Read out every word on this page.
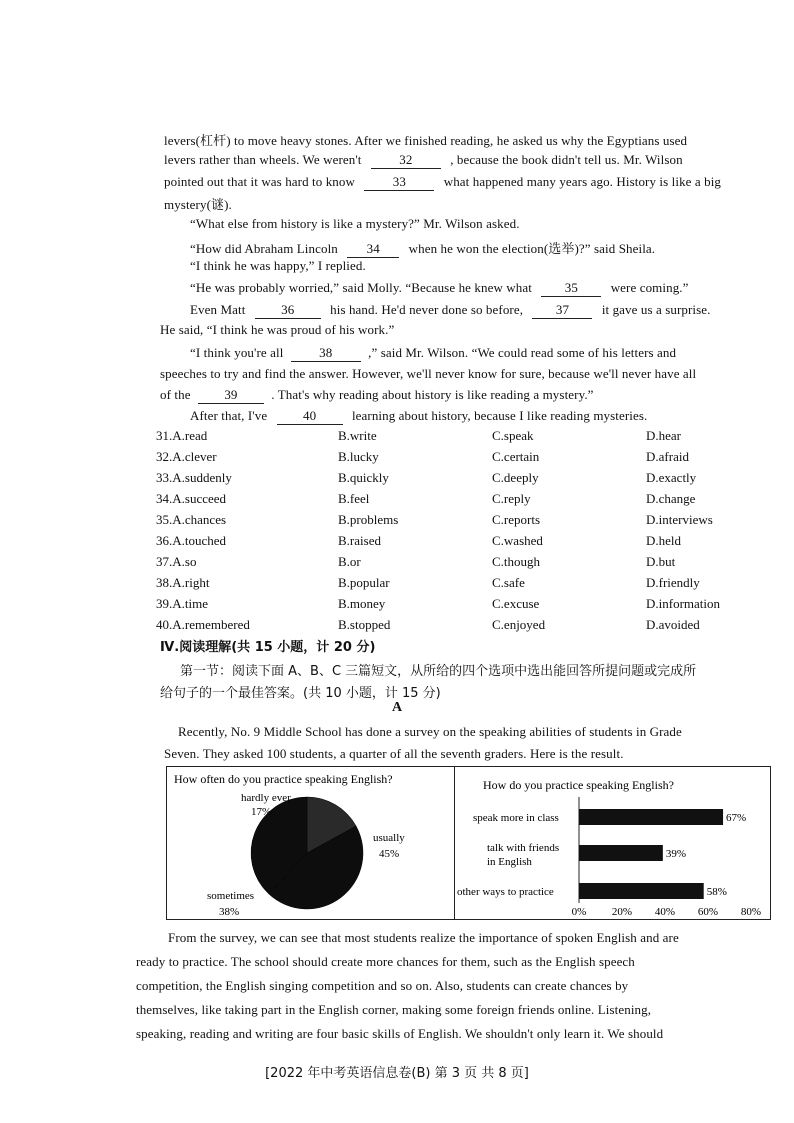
levers(杠杆) to move heavy stones. After we finished reading, he asked us why the Egyptians used
levers rather than wheels. We weren't	32	, because the book didn't tell us. Mr. Wilson
pointed out that it was hard to know	33	what happened many years ago. History is like a big
mystery(谜).
“What else from history is like a mystery?” Mr. Wilson asked.
“How did Abraham Lincoln 34 when he won the election(选举)?” said Sheila.
“I think he was happy,” I replied.
“He was probably worried,” said Molly. “Because he knew what	35	were coming.”
Even Matt	36	his hand. He'd never done so before,	37	it gave us a surprise.
He said, “I think he was proud of his work.”
“I think you're all	38	,” said Mr. Wilson. “We could read some of his letters and
speeches to try and find the answer. However, we'll never know for sure, because we'll never have all
of the	39	. That's why reading about history is like reading a mystery.”
After that, I've	40	learning about history, because I like reading mysteries.
31.A.read	B.write	C.speak	D.hear
32.A.clever	B.lucky	C.certain	D.afraid
33.A.suddenly	B.quickly	C.deeply	D.exactly
34.A.succeed	B.feel	C.reply	D.change
35.A.chances	B.problems	C.reports	D.interviews
36.A.touched	B.raised	C.washed	D.held
37.A.so	B.or	C.though	D.but
38.A.right	B.popular	C.safe	D.friendly
39.A.time	B.money	C.excuse	D.information
40.A.remembered	B.stopped	C.enjoyed	D.avoided
Ⅳ.阅读理解(共 15 小题，计 20 分)
第一节：阅读下面 A、B、C 三篇短文，从所给的四个选项中选出能回答所提问题或完成所
给句子的一个最佳答案。(共 10 小题，计 15 分)
A
Recently, No. 9 Middle School has done a survey on the speaking abilities of students in Grade
Seven. They asked 100 students, a quarter of all the seventh graders. Here is the result.
How often do you practice speaking English?
hardly ever
17%
usually
45%
sometimes
38%
How do you practice speaking English?
67%
speak more in class
39%
talk with friends
in English
58%
other ways to practice
0% 20% 40% 60% 80%
From the survey, we can see that most students realize the importance of spoken English and are
ready to practice. The school should create more chances for them, such as the English speech
competition, the English singing competition and so on. Also, students can create chances by
themselves, like taking part in the English corner, making some foreign friends online. Listening,
speaking, reading and writing are four basic skills of English. We shouldn't only learn it. We should
[2022 年中考英语信息卷(B) 第 3 页 共 8 页]
